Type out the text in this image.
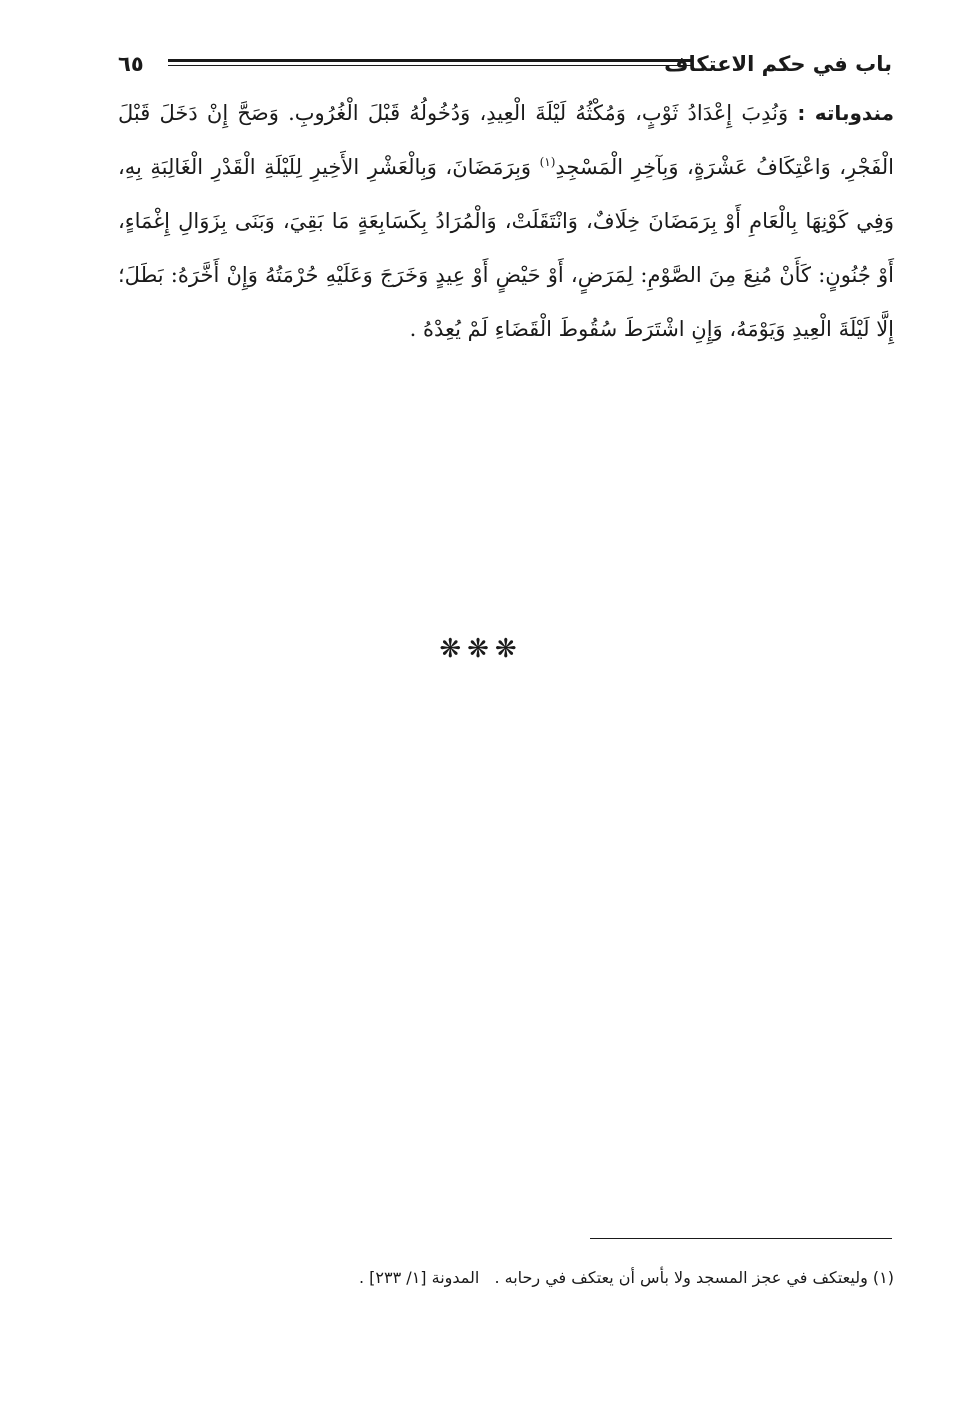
باب في حكم الاعتكاف
٦٥
مندوباته : وَنُدِبَ إِعْدَادُ ثَوْبٍ، وَمُكْثُهُ لَيْلَةَ الْعِيدِ، وَدُخُولُهُ قَبْلَ الْغُرُوبِ. وَصَحَّ إِنْ دَخَلَ قَبْلَ الْفَجْرِ، وَاعْتِكَافُ عَشْرَةٍ، وَبِآخِرِ الْمَسْجِدِ$^{(١)}$ وَبِرَمَضَانَ، وَبِالْعَشْرِ الأَخِيرِ لِلَيْلَةِ الْقَدْرِ الْغَالِبَةِ بِهِ، وَفِي كَوْنِهَا بِالْعَامِ أَوْ بِرَمَضَانَ خِلَافٌ، وَانْتَقَلَتْ، وَالْمُرَادُ بِكَسَابِعَةٍ مَا بَقِيَ، وَبَنَى بِزَوَالِ إِغْمَاءٍ، أَوْ جُنُونٍ: كَأَنْ مُنِعَ مِنَ الصَّوْمِ: لِمَرَضٍ، أَوْ حَيْضٍ أَوْ عِيدٍ وَخَرَجَ وَعَلَيْهِ حُرْمَتُهُ وَإِنْ أَخَّرَهُ: بَطَلَ؛ إِلَّا لَيْلَةَ الْعِيدِ وَيَوْمَهُ، وَإِنِ اشْتَرَطَ سُقُوطَ الْقَضَاءِ لَمْ يُعِدْهُ .
❋❋❋
(١) وليعتكف في عجز المسجد ولا بأس أن يعتكف في رحابه . المدونة [١/ ٢٣٣] .
